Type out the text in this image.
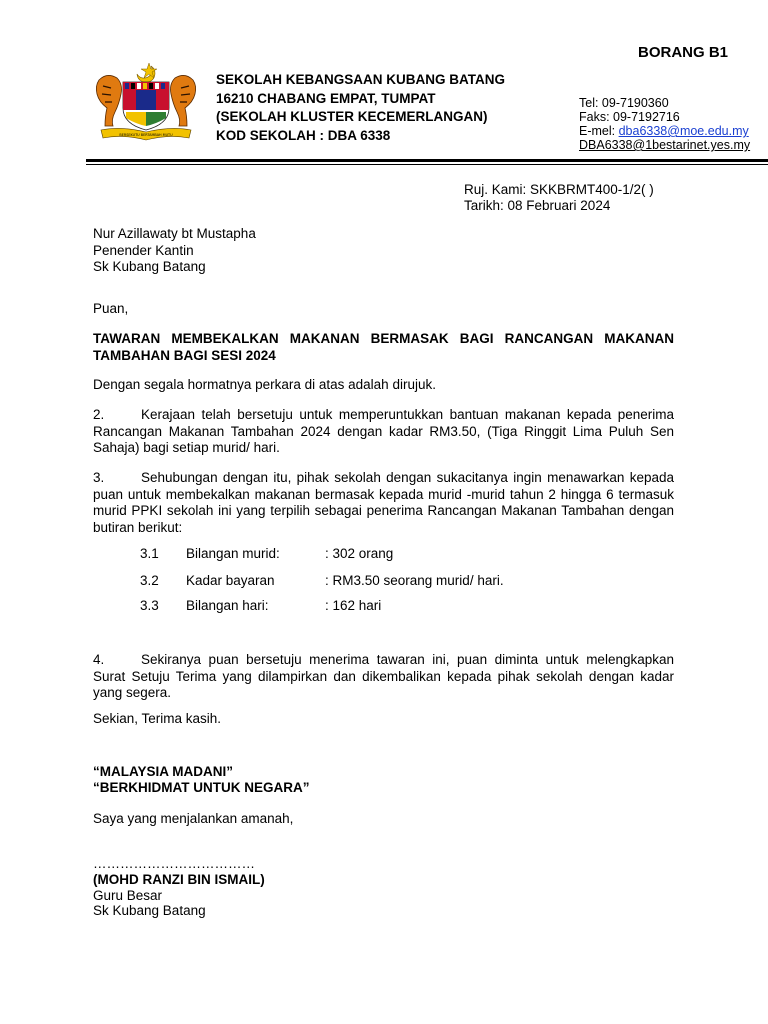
BORANG B1
BERSEKUTU BERTAMBAH MUTU
SEKOLAH KEBANGSAAN KUBANG BATANG
16210 CHABANG EMPAT, TUMPAT
(SEKOLAH KLUSTER KECEMERLANGAN)
KOD SEKOLAH : DBA 6338
Tel: 09-7190360
Faks: 09-7192716
E-mel: dba6338@moe.edu.my
DBA6338@1bestarinet.yes.my
Ruj. Kami: SKKBRMT400-1/2( )
Tarikh: 08 Februari 2024
Nur Azillawaty bt Mustapha
Penender Kantin
Sk Kubang Batang
Puan,
TAWARAN MEMBEKALKAN MAKANAN BERMASAK BAGI RANCANGAN MAKANAN TAMBAHAN BAGI SESI 2024
Dengan segala hormatnya perkara di atas adalah dirujuk.
2.	Kerajaan telah bersetuju untuk memperuntukkan bantuan makanan kepada penerima Rancangan Makanan Tambahan 2024 dengan kadar RM3.50, (Tiga Ringgit Lima Puluh Sen Sahaja) bagi setiap murid/ hari.
3.	Sehubungan dengan itu, pihak sekolah dengan sukacitanya ingin menawarkan kepada puan untuk membekalkan makanan bermasak kepada murid -murid tahun 2 hingga 6 termasuk murid PPKI sekolah ini yang terpilih sebagai penerima Rancangan Makanan Tambahan dengan butiran berikut:
3.1 Bilangan murid:	: 302 orang
3.2 Kadar bayaran	: RM3.50 seorang murid/ hari.
3.3 Bilangan hari:	: 162 hari
4.	Sekiranya puan bersetuju menerima tawaran ini, puan diminta untuk melengkapkan Surat Setuju Terima yang dilampirkan dan dikembalikan kepada pihak sekolah dengan kadar yang segera.
Sekian, Terima kasih.
“MALAYSIA MADANI”
“BERKHIDMAT UNTUK NEGARA”
Saya yang menjalankan amanah,
………………………………
(MOHD RANZI BIN ISMAIL)
Guru Besar
Sk Kubang Batang
